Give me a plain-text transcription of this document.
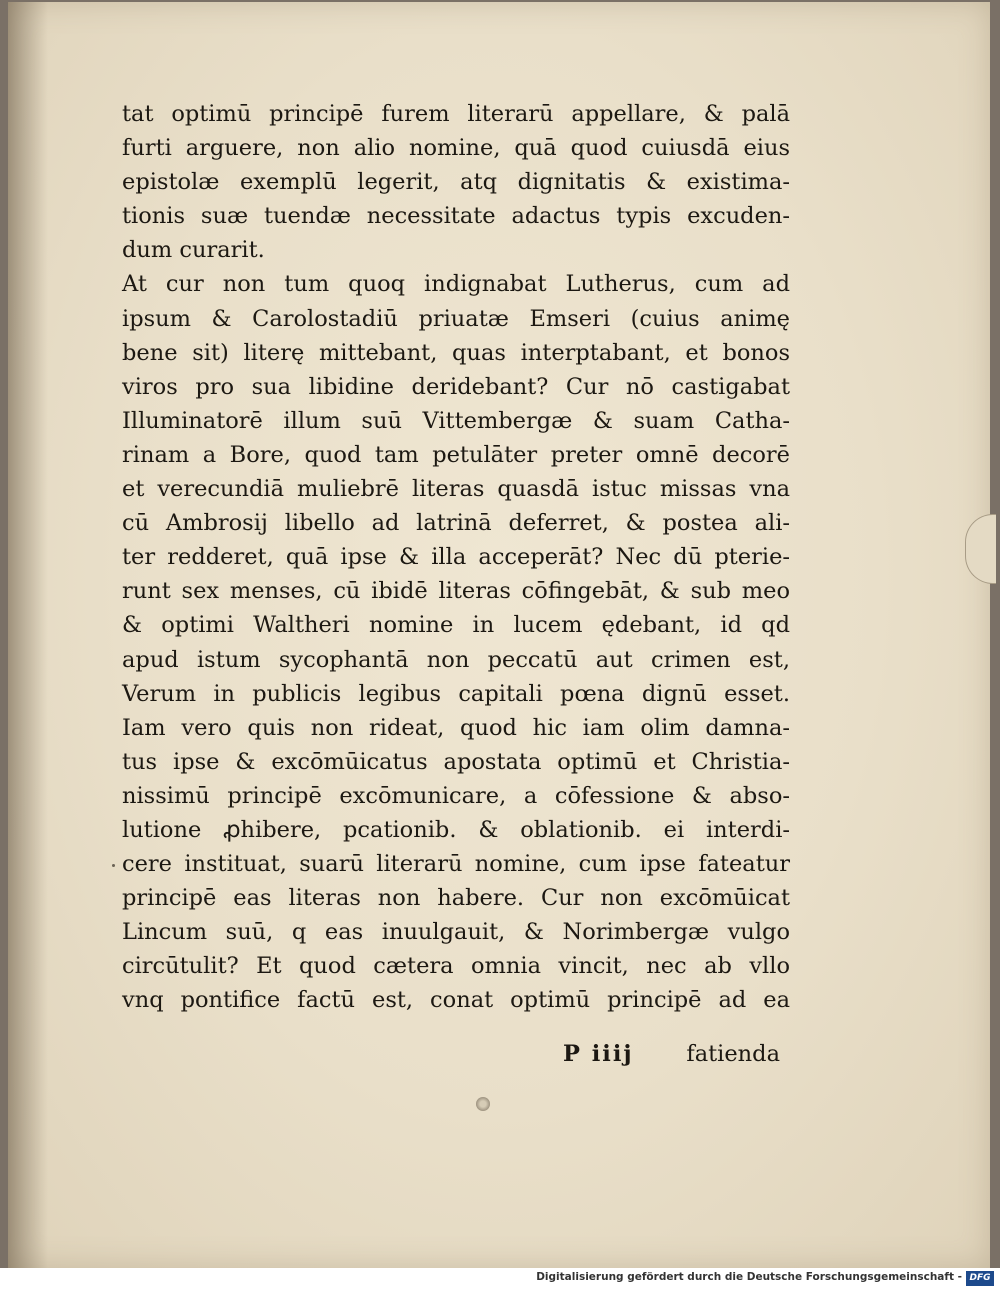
tat optimū principē furem literarū appellare, & palā
furti arguere, non alio nomine, quā quod cuiusdā eius
epistolæ exemplū legerit, atq dignitatis & existima-
tionis suæ tuendæ necessitate adactus typis excuden-
dum curarit.
At cur non tum quoq indignabat Lutherus, cum ad
ipsum & Carolostadiū priuatæ Emseri (cuius animę
bene sit) literę mittebant, quas interptabant, et bonos
viros pro sua libidine deridebant? Cur nō castigabat
Illuminatorē illum suū Vittembergæ & suam Catha-
rinam a Bore, quod tam petulāter preter omnē decorē
et verecundiā muliebrē literas quasdā istuc missas vna
cū Ambrosij libello ad latrinā deferret, & postea ali-
ter redderet, quā ipse & illa acceperāt? Nec dū pterie-
runt sex menses, cū ibidē literas cōfingebāt, & sub meo
& optimi Waltheri nomine in lucem ędebant, id qd
apud istum sycophantā non peccatū aut crimen est,
Verum in publicis legibus capitali pœna dignū esset.
Iam vero quis non rideat, quod hic iam olim damna-
tus ipse & excōmūicatus apostata optimū et Christia-
nissimū principē excōmunicare, a cōfessione & abso-
lutione ꝓhibere, pcationib. & oblationib. ei interdi-
cere instituat, suarū literarū nomine, cum ipse fateatur
principē eas literas non habere. Cur non excōmūicat
Lincum suū, q eas inuulgauit, & Norimbergæ vulgo
circūtulit? Et quod cætera omnia vincit, nec ab vllo
vnq pontifice factū est, conat optimū principē ad ea
P iiij fatienda
Digitalisierung gefördert durch die Deutsche Forschungsgemeinschaft - DFG
